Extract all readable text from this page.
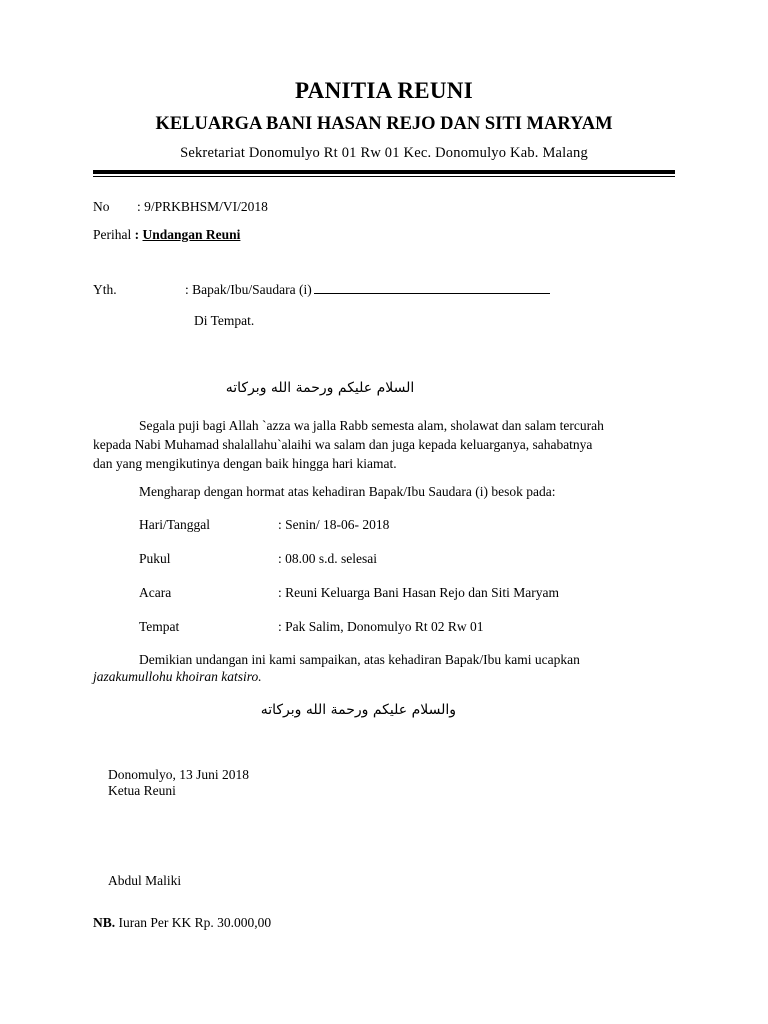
PANITIA REUNI
KELUARGA BANI HASAN REJO DAN SITI MARYAM
Sekretariat Donomulyo Rt 01 Rw 01 Kec. Donomulyo Kab. Malang
No : 9/PRKBHSM/VI/2018
Perihal : Undangan Reuni
Yth.	: Bapak/Ibu/Saudara (i)
Di Tempat.
السلام عليكم ورحمة الله وبركاته
Segala puji bagi Allah `azza wa jalla Rabb semesta alam, sholawat dan salam tercurah
kepada Nabi Muhamad shalallahu`alaihi wa salam dan juga kepada keluarganya, sahabatnya
dan yang mengikutinya dengan baik hingga hari kiamat.
Mengharap dengan hormat atas kehadiran Bapak/Ibu Saudara (i) besok pada:
Hari/Tanggal	: Senin/ 18-06- 2018
Pukul	: 08.00 s.d. selesai
Acara	: Reuni Keluarga Bani Hasan Rejo dan Siti Maryam
Tempat	: Pak Salim, Donomulyo Rt 02 Rw 01
Demikian undangan ini kami sampaikan, atas kehadiran Bapak/Ibu kami ucapkan
jazakumullohu khoiran katsiro.
والسلام عليكم ورحمة الله وبركاته
Donomulyo, 13 Juni 2018
Ketua Reuni
Abdul Maliki
NB. Iuran Per KK Rp. 30.000,00
